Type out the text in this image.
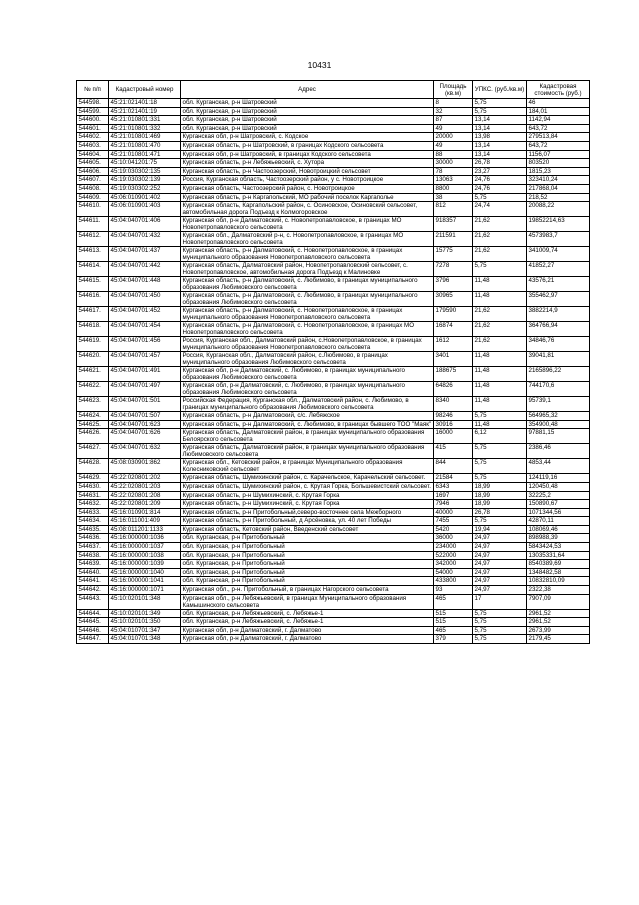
10431
№ п/п	Кадастровый номер	Адрес	Площадь (кв.м)	УПКС. (руб./кв.м)	Кадастровая стоимость (руб.)
544598.	45:21:021401:18	обл. Курганская, р-н Шатровский	8	5,75	46
544599.	45:21:021401:19	обл. Курганская, р-н Шатровский	32	5,75	184,01
544600.	45:21:010801:331	обл. Курганская, р-н Шатровский	87	13,14	1142,94
544601.	45:21:010801:332	обл. Курганская, р-н Шатровский	49	13,14	643,72
544602.	45:21:010801:469	Курганская обл, р-н Шатровский, с. Кодское	20000	13,98	279513,84
544603.	45:21:010801:470	Курганская область, р-н Шатровский, в границах Кодского сельсовета	49	13,14	643,72
544604.	45:21:010801:471	Курганская обл, р-н Шатровский, в границах Кодского сельсовета	88	13,14	1156,07
544605.	45:10:041201:75	Курганская область, р-н Лебяжьевский, с. Хутора	30000	26,78	803520
544606.	45:19:030302:135	Курганская область, р-н Частоозерский, Новотроицкий сельсовет	78	23,27	1815,23
544607.	45:19:030302:139	Россия, Курганская область, Частоозерский район, у с. Новотроицкое	13063	24,76	323410,24
544608.	45:19:030302:252	Курганская область, Частоозерский район, с. Новотроицкое	8800	24,76	217868,04
544609.	45:06:010901:402	Курганская область, р-н Каргапольский, МО рабочий поселок Каргаполье	38	5,75	218,52
544610.	45:06:010901:403	Курганская область, Каргапольский район, с. Осиновское, Осиновский сельсовет, автомобильная дорога Подъезд к Колмогоровское	812	24,74	20088,22
544611.	45:04:040701:406	Курганская обл, р-н Далматовский, с. Новопетропавловское, в границах МО Новопетропавловского сельсовета	918357	21,62	19852214,63
544612.	45:04:040701:432	Курганская обл., Далматовский р-н, с. Новопетропавловское, в границах МО Новопетропавловского сельсовета	211591	21,62	4573983,7
544613.	45:04:040701:437	Курганская область, р-н Далматовский, с. Новопетропавловское, в границах муниципального образования Новопетропавловского сельсовета	15775	21,62	341009,74
544614.	45:04:040701:442	Курганская область, Далматовский район, Новопетропавловский сельсовет, с. Новопетропавловское, автомобильная дорога Подъезд к Малиновке	7278	5,75	41852,27
544615.	45:04:040701:448	Курганская область, р-н Далматовский, с. Любимово, в границах муниципального образования Любимовского сельсовета	3796	11,48	43576,21
544616.	45:04:040701:450	Курганская область, р-н Далматовский, с. Любимово, в границах муниципального образования Любимовского сельсовета	30965	11,48	355462,97
544617.	45:04:040701:452	Курганская область, р-н Далматовский, с. Новопетропавловское, в границах муниципального образования Новопетропавловского сельсовета	179590	21,62	3882214,9
544618.	45:04:040701:454	Курганская область, р-н Далматовский, с. Новопетропавловское, в границах МО Новопетропавловского сельсовета	16874	21,62	364766,94
544619.	45:04:040701:456	Россия, Курганская обл., Далматовский район, с.Новопетропавловское, в границах муниципального образования Новопетропавловского сельсовета	1612	21,62	34846,76
544620.	45:04:040701:457	Россия, Курганская обл., Далматовский район, с.Любимово, в границах муниципального образования Любимовского сельсовета	3401	11,48	39041,81
544621.	45:04:040701:491	Курганская обл, р-н Далматовский, с. Любимово, в границах муниципального образования Любимовского сельсовета	188675	11,48	2165896,22
544622.	45:04:040701:497	Курганская обл, р-н Далматовский, с. Любимово, в границах муниципального образования Любимовского сельсовета	64826	11,48	744170,6
544623.	45:04:040701:501	Российская Федерация, Курганская обл., Далматовский район, с. Любимово, в границах муниципального образования Любимовского сельсовета	8340	11,48	95739,1
544624.	45:04:040701:507	Курганская область, р-н Далматовский, с/с. Лебяжское	98246	5,75	564965,32
544625.	45:04:040701:623	Курганская область, р-н Далматовский, с. Любимово, в границах бывшего ТОО "Маяк"	30916	11,48	354900,48
544626.	45:04:040701:626	Курганская область, Далматовский район, в границах муниципального образования Белоярского сельсовета	16000	6,12	97881,15
544627.	45:04:040701:632	Курганская область, Далматовский район, в границах муниципального образования Любимовского сельсовета	415	5,75	2386,46
544628.	45:08:030901:862	Курганская обл., Кетовский район, в границах Муниципального образования Колесниковский сельсовет	844	5,75	4853,44
544629.	45:22:020801:202	Курганская область, Шумихинский район, с. Карачельское, Карачельский сельсовет.	21584	5,75	124119,16
544630.	45:22:020801:203	Курганская область, Шумихинский район, с. Крутая Горка, Большевистский сельсовет.	6343	18,99	120450,48
544631.	45:22:020801:208	Курганская область, р-н Шумихинский, с. Крутая Горка	1697	18,99	32225,2
544632.	45:22:020801:209	Курганская область, р-н Шумихинский, с. Крутая Горка	7946	18,99	150890,67
544633.	45:16:010901:814	Курганская область, р-н Притобольный,северо-восточнее села Межборного	40000	26,78	1071344,56
544634.	45:16:011001:409	Курганская область, р-н Притобольный, д Арсёновка, ул. 40 лет Победы	7455	5,75	42870,11
544635.	45:08:011201:1133	Курганская область, Кетовский район, Введенский сельсовет	5420	19,94	108069,46
544636.	45:16:000000:1036	обл. Курганская, р-н Притобольный	36000	24,97	898988,39
544637.	45:16:000000:1037	обл. Курганская, р-н Притобольный	234000	24,97	5843424,53
544638.	45:16:000000:1038	обл. Курганская, р-н Притобольный	522000	24,97	13035331,64
544639.	45:16:000000:1039	обл. Курганская, р-н Притобольный	342000	24,97	8540389,69
544640.	45:16:000000:1040	обл. Курганская, р-н Притобольный	54000	24,97	1348482,58
544641.	45:16:000000:1041	обл. Курганская, р-н Притобольный	433800	24,97	10832810,09
544642.	45:16:000000:1071	Курганская обл., р-н. Притобольный, в границах Нагорского сельсовета	93	24,97	2322,38
544643.	45:10:020101:348	Курганская обл., р-н Лебяжьевский, в границах Муниципального образования Камышинского сельсовета	465	17	7907,09
544644.	45:10:020101:349	обл. Курганская, р-н Лебяжьевский, с. Лебяжье-1	515	5,75	2961,52
544645.	45:10:020101:350	обл. Курганская, р-н Лебяжьевский, с. Лебяжье-1	515	5,75	2961,52
544646.	45:04:010701:347	Курганская обл, р-н Далматовский, г. Далматово	465	5,75	2673,99
544647.	45:04:010701:348	Курганская обл, р-н Далматовский, г. Далматово	379	5,75	2179,45
